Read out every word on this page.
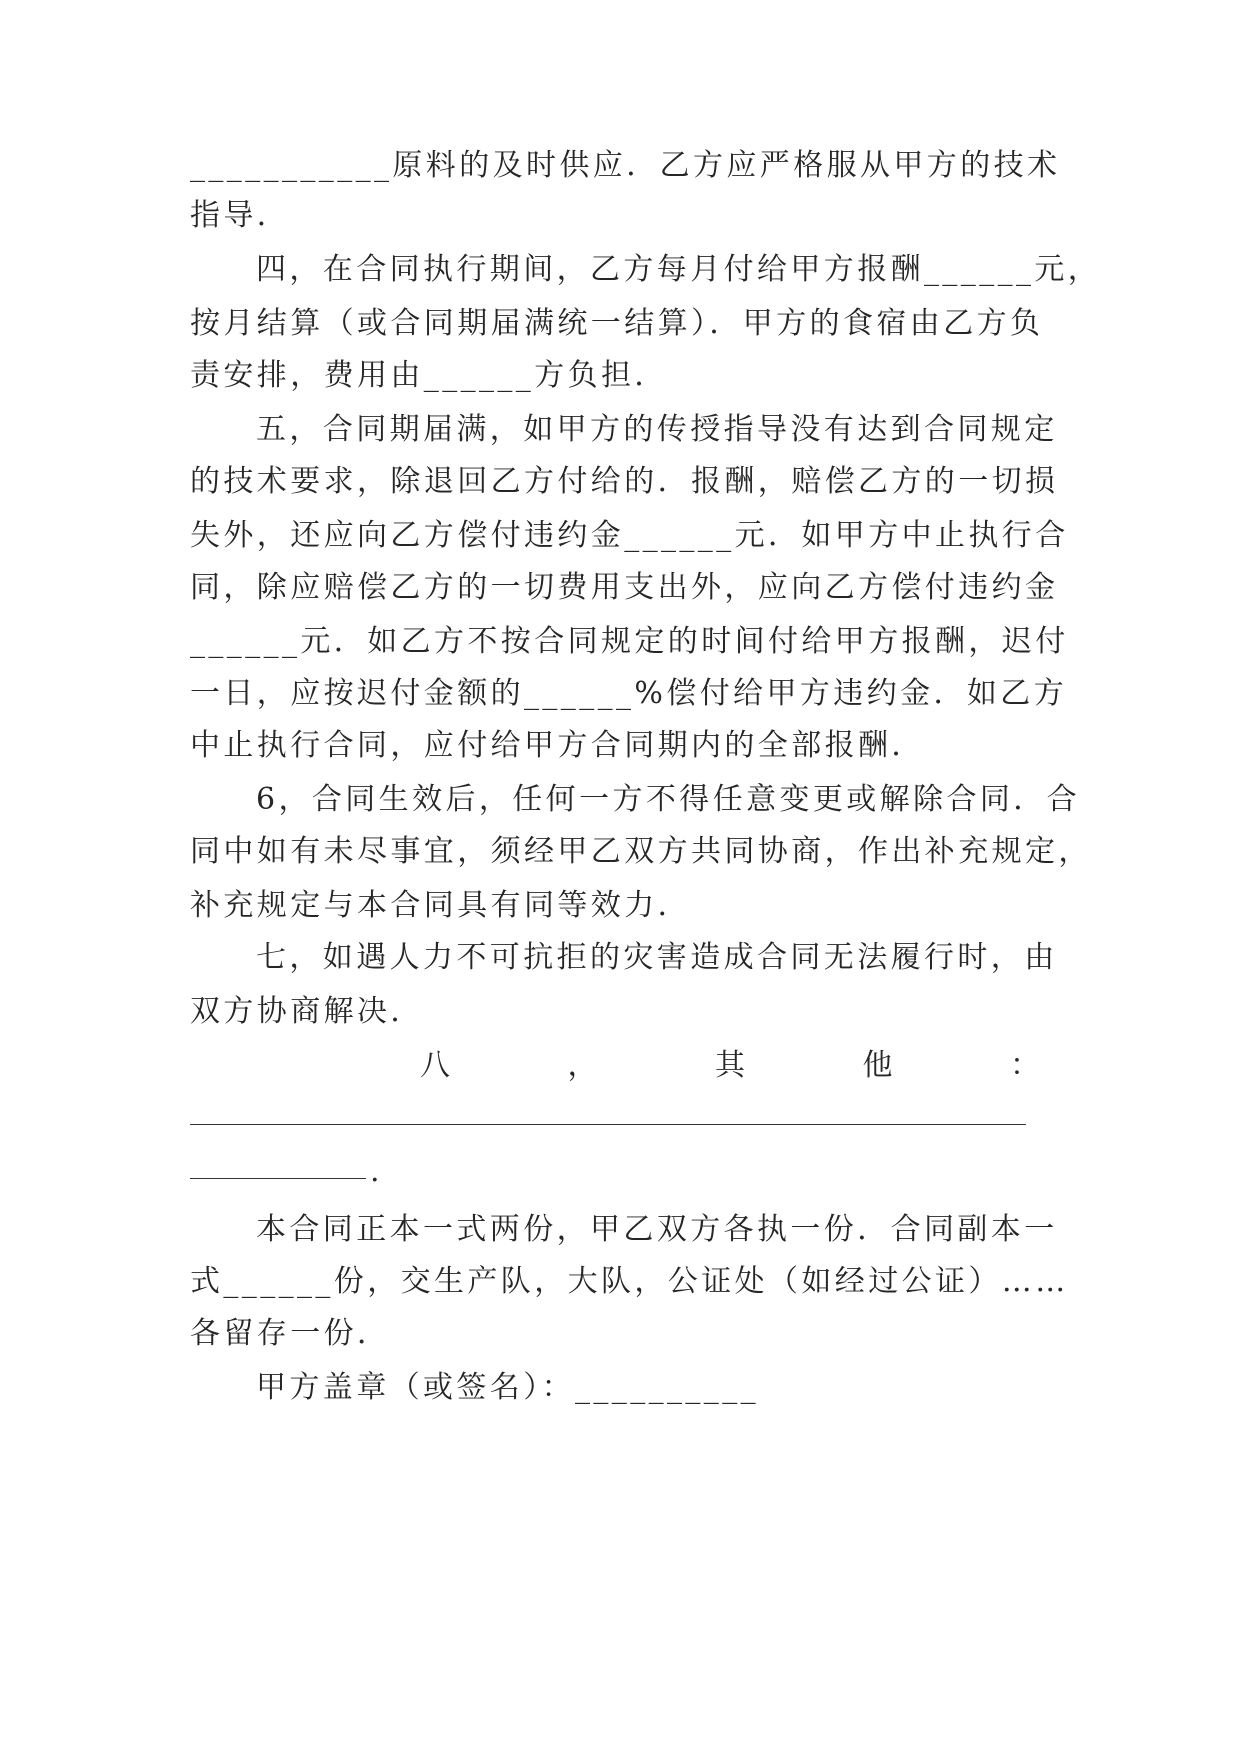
___________原料的及时供应．乙方应严格服从甲方的技术
指导．
四，在合同执行期间，乙方每月付给甲方报酬______元，
按月结算（或合同期届满统一结算）．甲方的食宿由乙方负
责安排，费用由______方负担．
五，合同期届满，如甲方的传授指导没有达到合同规定
的技术要求，除退回乙方付给的．报酬，赔偿乙方的一切损
失外，还应向乙方偿付违约金______元．如甲方中止执行合
同，除应赔偿乙方的一切费用支出外，应向乙方偿付违约金
______元．如乙方不按合同规定的时间付给甲方报酬，迟付
一日，应按迟付金额的______%偿付给甲方违约金．如乙方
中止执行合同，应付给甲方合同期内的全部报酬．
6，合同生效后，任何一方不得任意变更或解除合同．合
同中如有未尽事宜，须经甲乙双方共同协商，作出补充规定，
补充规定与本合同具有同等效力．
七，如遇人力不可抗拒的灾害造成合同无法履行时，由
双方协商解决．
八	，	其	他	：
.
本合同正本一式两份，甲乙双方各执一份．合同副本一
式______份，交生产队，大队，公证处（如经过公证）……
各留存一份．
甲方盖章（或签名）：__________
